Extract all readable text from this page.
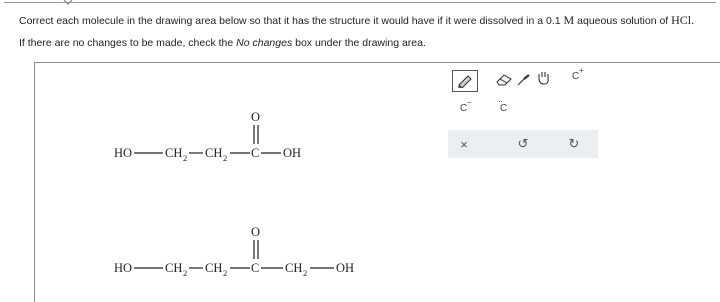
Correct each molecule in the drawing area below so that it has the structure it would have if it were dissolved in a 0.1 M aqueous solution of HCl.
If there are no changes to be made, check the No changes box under the drawing area.
HO	CH 2 CH 2 C
O
OH
HO	CH 2 CH 2 C
O
CH 2 OH
C
+
C
−	··
C
×	↺	↻
